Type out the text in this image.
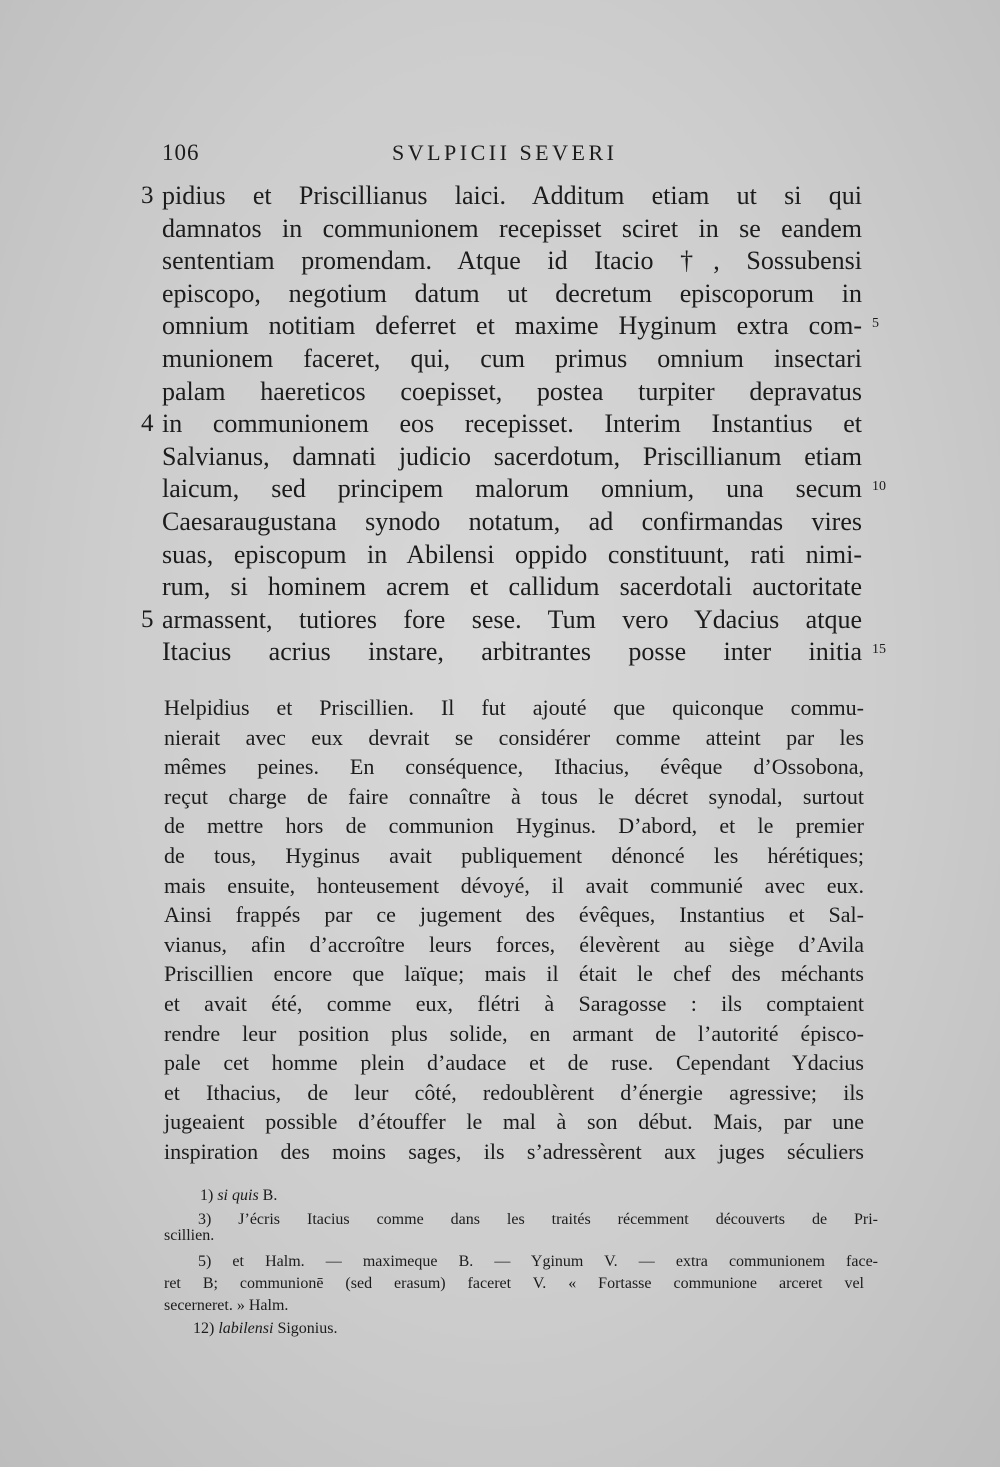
106	SVLPICII SEVERI
3 pidius et Priscillianus laici. Additum etiam ut si qui
damnatos in communionem recepisset sciret in se eandem
sententiam promendam. Atque id Itacio †, Sossubensi
episcopo, negotium datum ut decretum episcoporum in
omnium notitiam deferret et maxime Hyginum extra com- 5
munionem faceret, qui, cum primus omnium insectari
palam haereticos coepisset, postea turpiter depravatus
4 in communionem eos recepisset. Interim Instantius et
Salvianus, damnati judicio sacerdotum, Priscillianum etiam
laicum, sed principem malorum omnium, una secum 10
Caesaraugustana synodo notatum, ad confirmandas vires
suas, episcopum in Abilensi oppido constituunt, rati nimi-
rum, si hominem acrem et callidum sacerdotali auctoritate
5 armassent, tutiores fore sese. Tum vero Ydacius atque
Itacius acrius instare, arbitrantes posse inter initia 15
Helpidius et Priscillien. Il fut ajouté que quiconque commu-
nierait avec eux devrait se considérer comme atteint par les
mêmes peines. En conséquence, Ithacius, évêque d’Ossobona,
reçut charge de faire connaître à tous le décret synodal, surtout
de mettre hors de communion Hyginus. D’abord, et le premier
de tous, Hyginus avait publiquement dénoncé les hérétiques;
mais ensuite, honteusement dévoyé, il avait communié avec eux.
Ainsi frappés par ce jugement des évêques, Instantius et Sal-
vianus, afin d’accroître leurs forces, élevèrent au siège d’Avila
Priscillien encore que laïque; mais il était le chef des méchants
et avait été, comme eux, flétri à Saragosse : ils comptaient
rendre leur position plus solide, en armant de l’autorité épisco-
pale cet homme plein d’audace et de ruse. Cependant Ydacius
et Ithacius, de leur côté, redoublèrent d’énergie agressive; ils
jugeaient possible d’étouffer le mal à son début. Mais, par une
inspiration des moins sages, ils s’adressèrent aux juges séculiers
1) si quis B.
3) J’écris Itacius comme dans les traités récemment découverts de Pri-
scillien.
5) et Halm. — maximeque B. — Yginum V. — extra communionem face-
ret B; communionē (sed erasum) faceret V. « Fortasse communione arceret vel
secerneret. » Halm.
12) labilensi Sigonius.
